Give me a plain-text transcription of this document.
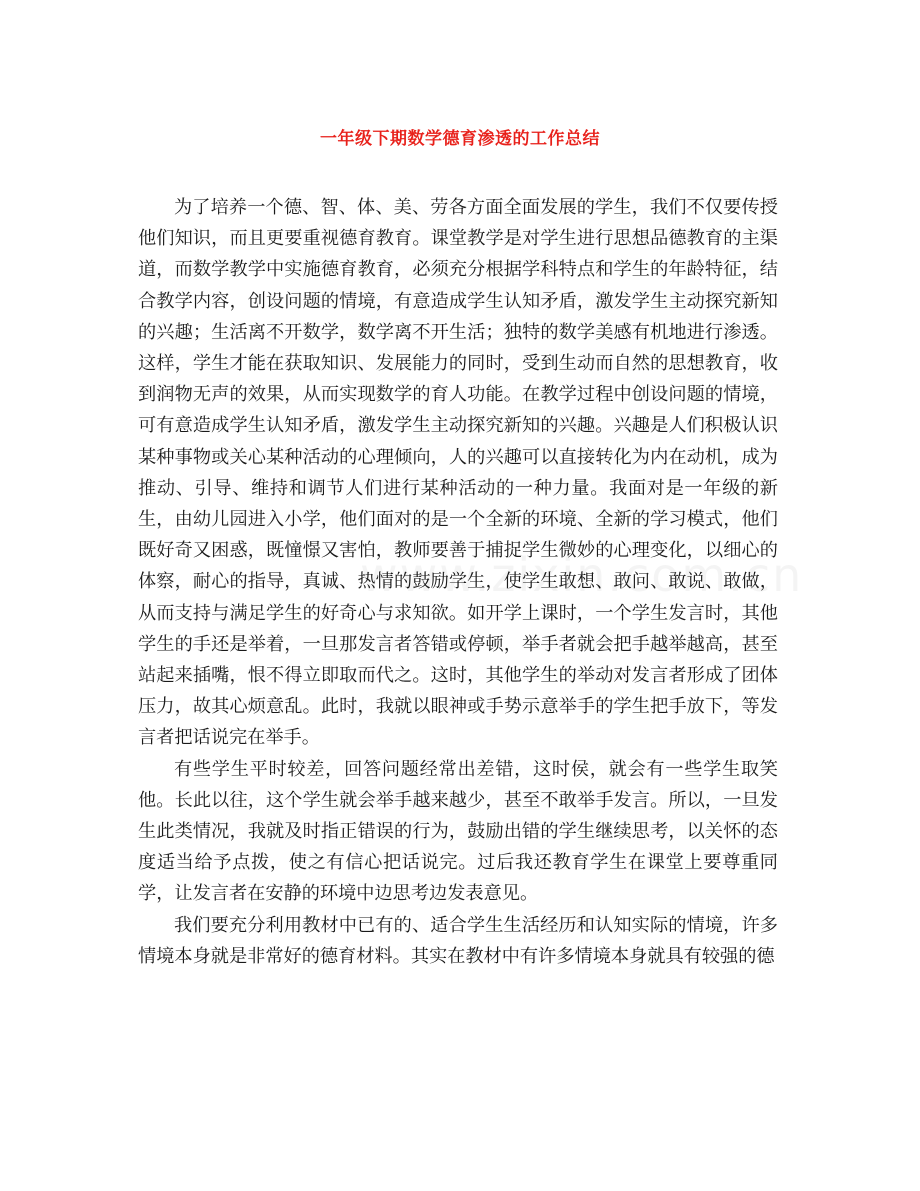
一年级下期数学德育渗透的工作总结

为了培养一个德、智、体、美、劳各方面全面发展的学生，我们不仅要传授他们知识，而且更要重视德育教育。课堂教学是对学生进行思想品德教育的主渠道，而数学教学中实施德育教育，必须充分根据学科特点和学生的年龄特征，结合教学内容，创设问题的情境，有意造成学生认知矛盾，激发学生主动探究新知的兴趣；生活离不开数学，数学离不开生活；独特的数学美感有机地进行渗透。这样，学生才能在获取知识、发展能力的同时，受到生动而自然的思想教育，收到润物无声的效果，从而实现数学的育人功能。在教学过程中创设问题的情境，可有意造成学生认知矛盾，激发学生主动探究新知的兴趣。兴趣是人们积极认识某种事物或关心某种活动的心理倾向，人的兴趣可以直接转化为内在动机，成为推动、引导、维持和调节人们进行某种活动的一种力量。我面对是一年级的新生，由幼儿园进入小学，他们面对的是一个全新的环境、全新的学习模式，他们既好奇又困惑，既憧憬又害怕，教师要善于捕捉学生微妙的心理变化，以细心的体察，耐心的指导，真诚、热情的鼓励学生，使学生敢想、敢问、敢说、敢做，从而支持与满足学生的好奇心与求知欲。如开学上课时，一个学生发言时，其他学生的手还是举着，一旦那发言者答错或停顿，举手者就会把手越举越高，甚至站起来插嘴，恨不得立即取而代之。这时，其他学生的举动对发言者形成了团体压力，故其心烦意乱。此时，我就以眼神或手势示意举手的学生把手放下，等发言者把话说完在举手。

有些学生平时较差，回答问题经常出差错，这时侯，就会有一些学生取笑他。长此以往，这个学生就会举手越来越少，甚至不敢举手发言。所以，一旦发生此类情况，我就及时指正错误的行为，鼓励出错的学生继续思考，以关怀的态度适当给予点拨，使之有信心把话说完。过后我还教育学生在课堂上要尊重同学，让发言者在安静的环境中边思考边发表意见。

我们要充分利用教材中已有的、适合学生生活经历和认知实际的情境，许多情境本身就是非常好的德育材料。其实在教材中有许多情境本身就具有较强的德
